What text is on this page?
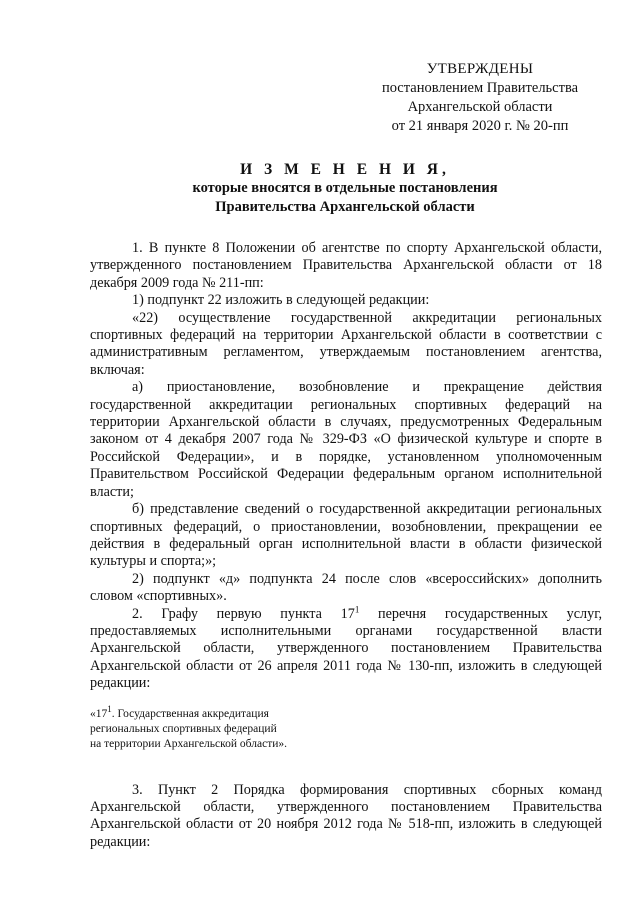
УТВЕРЖДЕНЫ
постановлением Правительства
Архангельской области
от 21 января 2020 г. № 20-пп
И З М Е Н Е Н И Я,
которые вносятся в отдельные постановления
Правительства Архангельской области

1. В пункте 8 Положении об агентстве по спорту Архангельской области, утвержденного постановлением Правительства Архангельской области от 18 декабря 2009 года № 211-пп:

1) подпункт 22 изложить в следующей редакции:

«22) осуществление государственной аккредитации региональных спортивных федераций на территории Архангельской области в соответствии с административным регламентом, утверждаемым постановлением агентства, включая:

а) приостановление, возобновление и прекращение действия государственной аккредитации региональных спортивных федераций на территории Архангельской области в случаях, предусмотренных Федеральным законом от 4 декабря 2007 года № 329-ФЗ «О физической культуре и спорте в Российской Федерации», и в порядке, установленном уполномоченным Правительством Российской Федерации федеральным органом исполнительной власти;

б) представление сведений о государственной аккредитации региональных спортивных федераций, о приостановлении, возобновлении, прекращении ее действия в федеральный орган исполнительной власти в области физической культуры и спорта;»;

2) подпункт «д» подпункта 24 после слов «всероссийских» дополнить словом «спортивных».

2. Графу первую пункта $17^1$ перечня государственных услуг, предоставляемых исполнительными органами государственной власти Архангельской области, утвержденного постановлением Правительства Архангельской области от 26 апреля 2011 года № 130-пп, изложить в следующей редакции:

«$17^1$. Государственная аккредитация
региональных спортивных федераций
на территории Архангельской области».

3. Пункт 2 Порядка формирования спортивных сборных команд Архангельской области, утвержденного постановлением Правительства Архангельской области от 20 ноября 2012 года № 518-пп, изложить в следующей редакции:
